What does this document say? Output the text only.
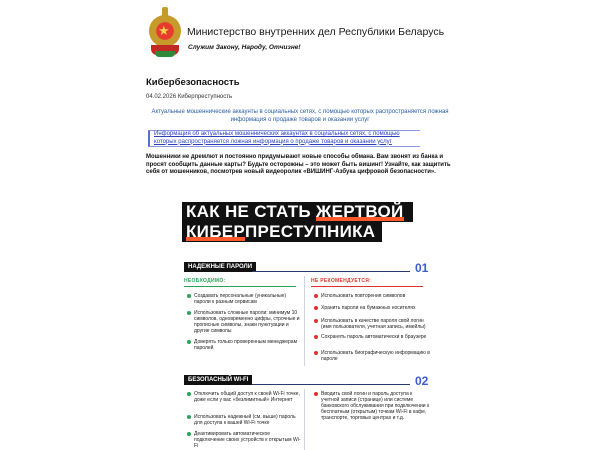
★ Министерство внутренних дел Республики Беларусь
Служим Закону, Народу, Отчизне!
Кибербезопасность
04.02.2026 Киберпреступность
Актуальные мошеннические аккаунты в социальных сетях, с помощью которых распространяется ложная информация о продаже товаров и оказании услуг
Информация об актуальных мошеннических аккаунтах в социальных сетях, с помощью которых распространяется ложная информация о продаже товаров и оказании услуг
Мошенники не дремлют и постоянно придумывают новые способы обмана. Вам звонят из банка и просят сообщить данные карты? Будьте осторожны – это может быть вишинг! Узнайте, как защитить себя от мошенников, посмотрев новый видеоролик «ВИШИНГ-Азбука цифровой безопасности».
КАК НЕ СТАТЬ ЖЕРТВОЙ
КИБЕРПРЕСТУПНИКА
НАДЕЖНЫЕ ПАРОЛИ	01
НЕОБХОДИМО:	НЕ РЕКОМЕНДУЕТСЯ:
Создавать персональные (уникальные) пароли к разным сервисам
Использовать сложные пароли: минимум 10 символов, одновременно цифры, строчные и прописные символы, знаки пунктуации и другие символы
Доверять только проверенным менеджерам паролей
Использовать повторения символов
Хранить пароли на бумажных носителях
Использовать в качестве пароля свой логин (имя пользователя, учетная запись, имейлы)
Сохранять пароль автоматически в браузере
Использовать биографическую информацию в пароле
БЕЗОПАСНЫЙ WI-FI	02
Отключить общий доступ к своей Wi-Fi точке, доже если у вас «безлимитный» Интернет
Использовать надежный (см. выше) пароль для доступа к вашей Wi-Fi точке
Деактивировать автоматическое подключение своих устройств к открытым Wi-Fi
Вводить свой логин и пароль доступа к учетной записи (странице) или системе банковского обслуживания при подключении к бесплатным (открытым) точкам Wi-Fi в кафе, транспорте, торговых центрах и т.д.
